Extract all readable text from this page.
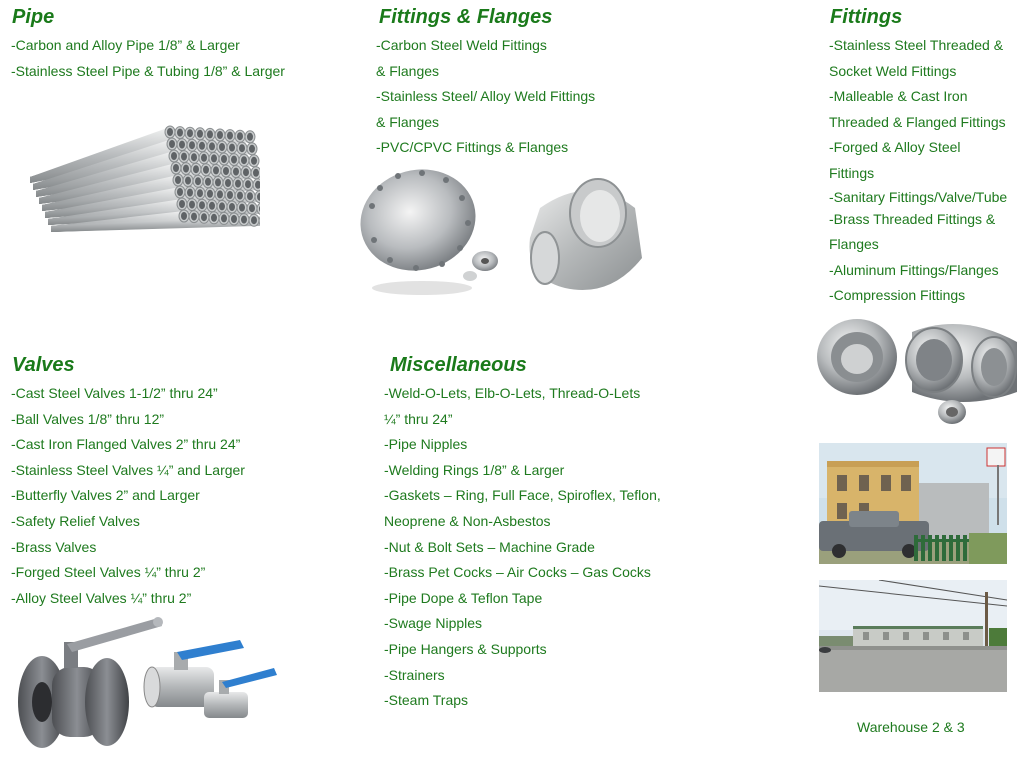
Pipe
-Carbon and Alloy Pipe 1/8” & Larger
-Stainless Steel Pipe & Tubing 1/8” & Larger
Fittings & Flanges
-Carbon Steel Weld Fittings
& Flanges
-Stainless Steel/ Alloy Weld Fittings
& Flanges
-PVC/CPVC Fittings & Flanges
Fittings
-Stainless Steel Threaded &
Socket Weld Fittings
-Malleable & Cast Iron
Threaded & Flanged Fittings
-Forged & Alloy Steel
Fittings
-Sanitary Fittings/Valve/Tube
-Brass Threaded Fittings &
Flanges
-Aluminum Fittings/Flanges
-Compression Fittings
Valves
-Cast Steel Valves 1-1/2” thru 24”
-Ball Valves 1/8” thru 12”
-Cast Iron Flanged Valves 2” thru 24”
-Stainless Steel Valves ¼” and Larger
-Butterfly Valves 2” and Larger
-Safety Relief Valves
-Brass Valves
-Forged Steel Valves ¼” thru 2”
-Alloy Steel Valves ¼” thru 2”
Miscellaneous
-Weld-O-Lets, Elb-O-Lets, Thread-O-Lets
¼” thru 24”
-Pipe Nipples
-Welding Rings 1/8” & Larger
-Gaskets – Ring, Full Face, Spiroflex, Teflon,
Neoprene & Non-Asbestos
-Nut & Bolt Sets – Machine Grade
-Brass Pet Cocks – Air Cocks – Gas Cocks
-Pipe Dope & Teflon Tape
-Swage Nipples
-Pipe Hangers & Supports
-Strainers
-Steam Traps
Warehouse 2 & 3
